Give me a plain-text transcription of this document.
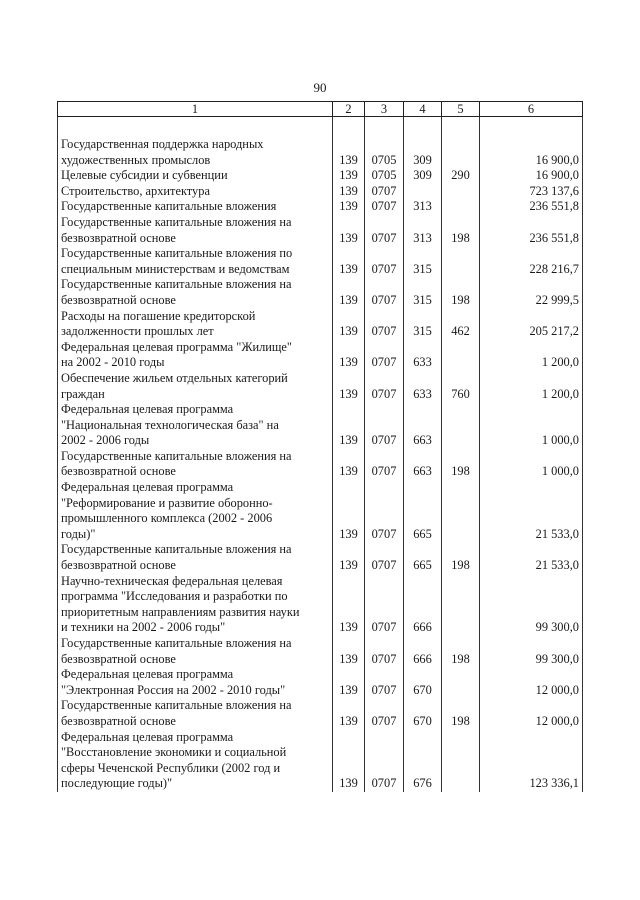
90
1	2	3	4	5	6

Государственная поддержка народных
художественных промыслов	139	0705	309		16 900,0

Целевые субсидии и субвенции	139	0705	309	290	16 900,0

Строительство, архитектура	139	0707			723 137,6

Государственные капитальные вложения	139	0707	313		236 551,8

Государственные капитальные вложения на
безвозвратной основе	139	0707	313	198	236 551,8

Государственные капитальные вложения по
специальным министерствам и ведомствам	139	0707	315		228 216,7

Государственные капитальные вложения на
безвозвратной основе	139	0707	315	198	22 999,5

Расходы на погашение кредиторской
задолженности прошлых лет	139	0707	315	462	205 217,2

Федеральная целевая программа "Жилище"
на 2002 - 2010 годы	139	0707	633		1 200,0

Обеспечение жильем отдельных категорий
граждан	139	0707	633	760	1 200,0

Федеральная целевая программа
"Национальная технологическая база" на
2002 - 2006 годы	139	0707	663		1 000,0

Государственные капитальные вложения на
безвозвратной основе	139	0707	663	198	1 000,0

Федеральная целевая программа
"Реформирование и развитие оборонно-
промышленного комплекса (2002 - 2006
годы)"	139	0707	665		21 533,0

Государственные капитальные вложения на
безвозвратной основе	139	0707	665	198	21 533,0

Научно-техническая федеральная целевая
программа "Исследования и разработки по
приоритетным направлениям развития науки
и техники на 2002 - 2006 годы"	139	0707	666		99 300,0

Государственные капитальные вложения на
безвозвратной основе	139	0707	666	198	99 300,0

Федеральная целевая программа
"Электронная Россия на 2002 - 2010 годы"	139	0707	670		12 000,0

Государственные капитальные вложения на
безвозвратной основе	139	0707	670	198	12 000,0

Федеральная целевая программа
"Восстановление экономики и социальной
сферы Чеченской Республики (2002 год и
последующие годы)"	139	0707	676		123 336,1
